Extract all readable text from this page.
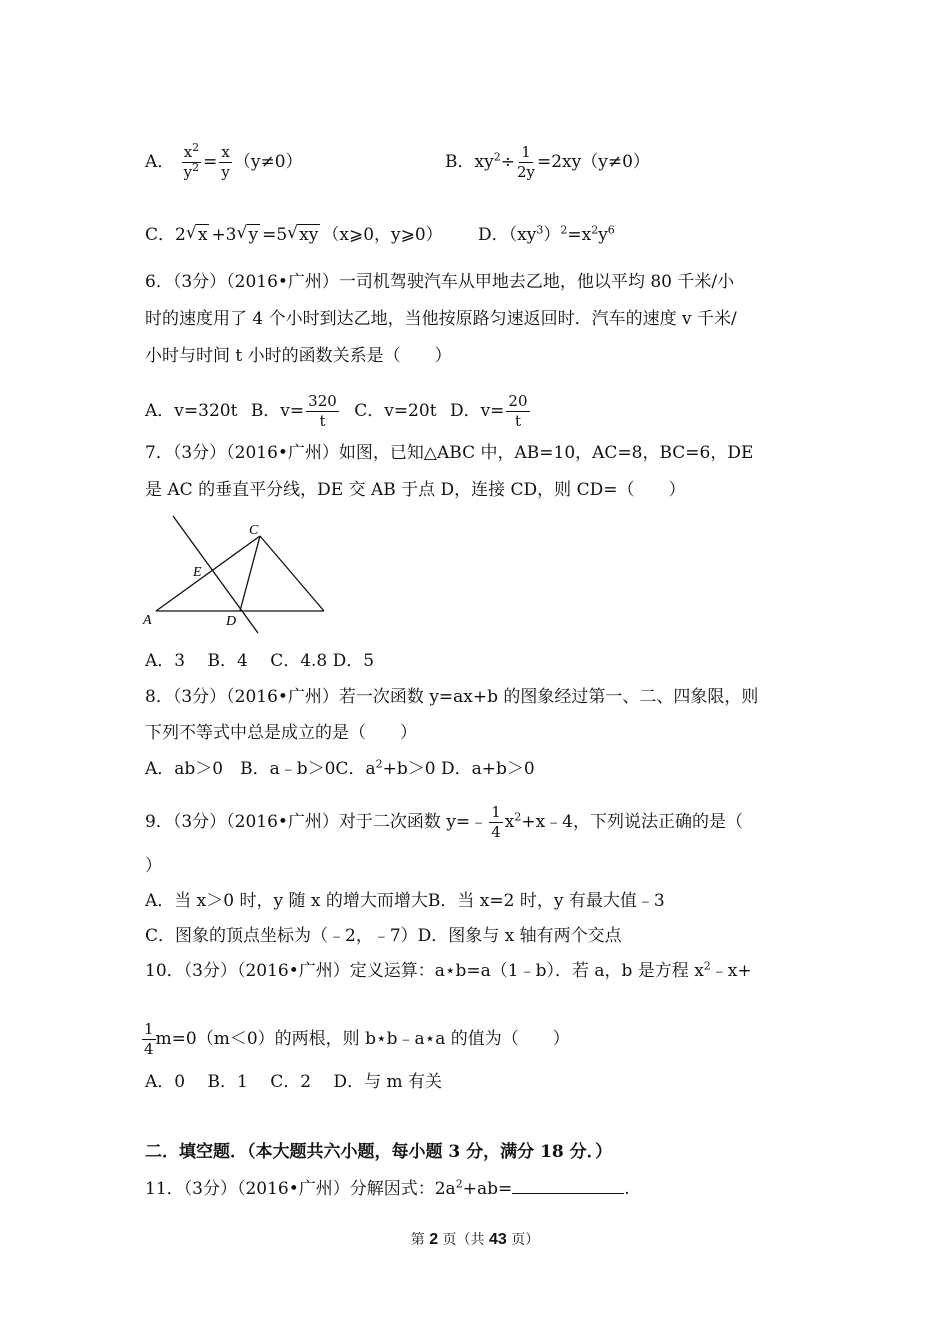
A． $\frac{x^2}{y^2} = \frac{x}{y} (y\ne 0)$	B．$xy^2\div \frac{1}{2y} =2xy(y\ne 0)$
C．2 √ x +3 √ y =5 √ xy （x⩾0，y⩾0） D．$(xy^3)^2=x^2y^6$
6．（3分）（2016•广州）一司机驾驶汽车从甲地去乙地，他以平均 80 千米/小
时的速度用了 4 个小时到达乙地，当他按原路匀速返回时．汽车的速度 v 千米/
小时与时间 t 小时的函数关系是（　　）
A．v=320t B．$v= \frac{320}{t}$ C．v=20t D．$v= \frac{20}{t}$
7．（3分）（2016•广州）如图，已知△ABC 中，AB=10，AC=8，BC=6，DE
是 AC 的垂直平分线，DE 交 AB 于点 D，连接 CD，则 CD=（　　）
A
C
D
E
A．3　 B．4　 C．4.8 D．5
8．（3分）（2016•广州）若一次函数 y=ax+b 的图象经过第一、二、四象限，则
下列不等式中总是成立的是（　　）
A．ab＞0　B．a﹣b＞0C．$a^2+b>0$ D．a+b＞0
9．（3分）（2016•广州）对于二次函数 y=﹣ $\frac{1}{4}$ $x^2+x﹣4$，下列说法正确的是（
）
A．当 x＞0 时，y 随 x 的增大而增大B．当 x=2 时，y 有最大值﹣3
C．图象的顶点坐标为（﹣2，﹣7）D．图象与 x 轴有两个交点
10．（3分）（2016•广州）定义运算：a⋆b=a（1﹣b）．若 a，b 是方程 $x^2﹣x+$
$\frac{1}{4} m=0(m<0)$的两根，则 b⋆b﹣a⋆a 的值为（　　）
A．0　 B．1　 C．2　 D．与 m 有关
二．填空题．（本大题共六小题，每小题 3 分，满分 18 分．）
11．（3分）（2016•广州）分解因式：$2a^2+ab=$	.
第 2 页（共 43 页）
